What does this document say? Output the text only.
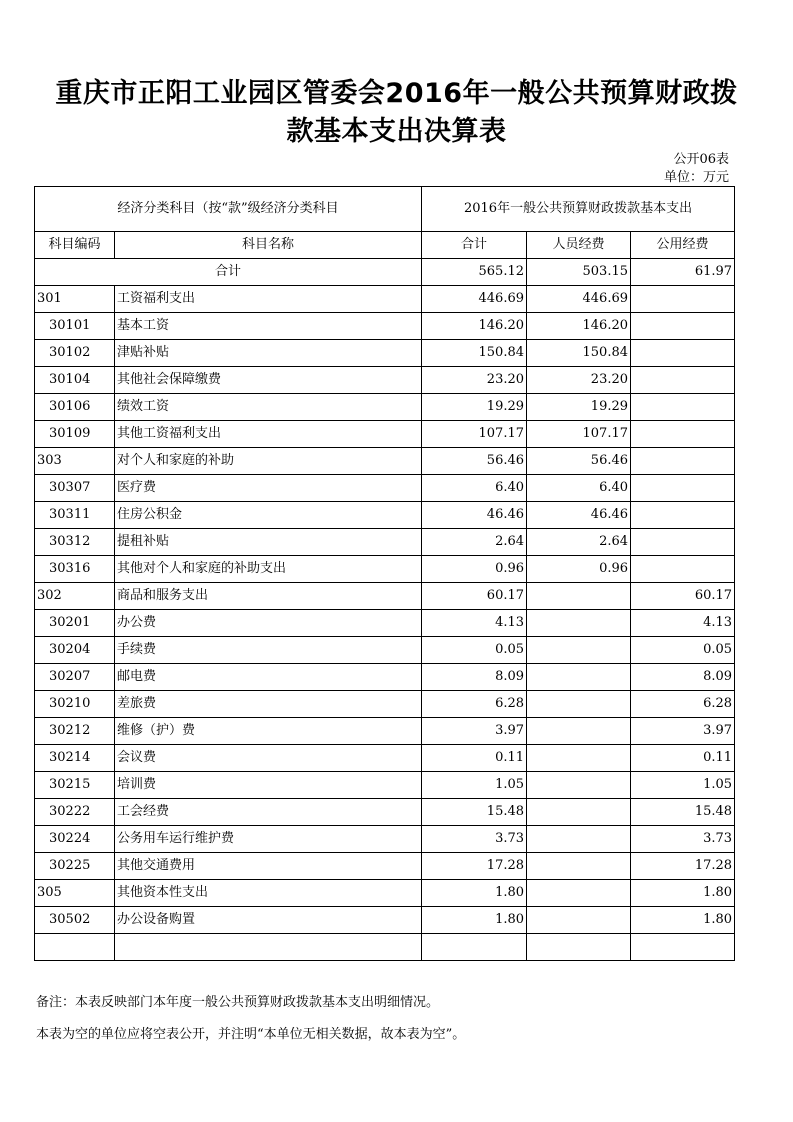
重庆市正阳工业园区管委会2016年一般公共预算财政拨
款基本支出决算表
公开06表
单位：万元
经济分类科目（按“款”级经济分类科目		2016年一般公共预算财政拨款基本支出		
科目编码	科目名称	合计	人员经费	公用经费
合计		565.12	503.15	61.97
301	工资福利支出	446.69	446.69	
30101	基本工资	146.20	146.20	
30102	津贴补贴	150.84	150.84	
30104	其他社会保障缴费	23.20	23.20	
30106	绩效工资	19.29	19.29	
30109	其他工资福利支出	107.17	107.17	
303	对个人和家庭的补助	56.46	56.46	
30307	医疗费	6.40	6.40	
30311	住房公积金	46.46	46.46	
30312	提租补贴	2.64	2.64	
30316	其他对个人和家庭的补助支出	0.96	0.96	
302	商品和服务支出	60.17		60.17
30201	办公费	4.13		4.13
30204	手续费	0.05		0.05
30207	邮电费	8.09		8.09
30210	差旅费	6.28		6.28
30212	维修（护）费	3.97		3.97
30214	会议费	0.11		0.11
30215	培训费	1.05		1.05
30222	工会经费	15.48		15.48
30224	公务用车运行维护费	3.73		3.73
30225	其他交通费用	17.28		17.28
305	其他资本性支出	1.80		1.80
30502	办公设备购置	1.80		1.80

备注：本表反映部门本年度一般公共预算财政拨款基本支出明细情况。
本表为空的单位应将空表公开，并注明“本单位无相关数据，故本表为空”。
